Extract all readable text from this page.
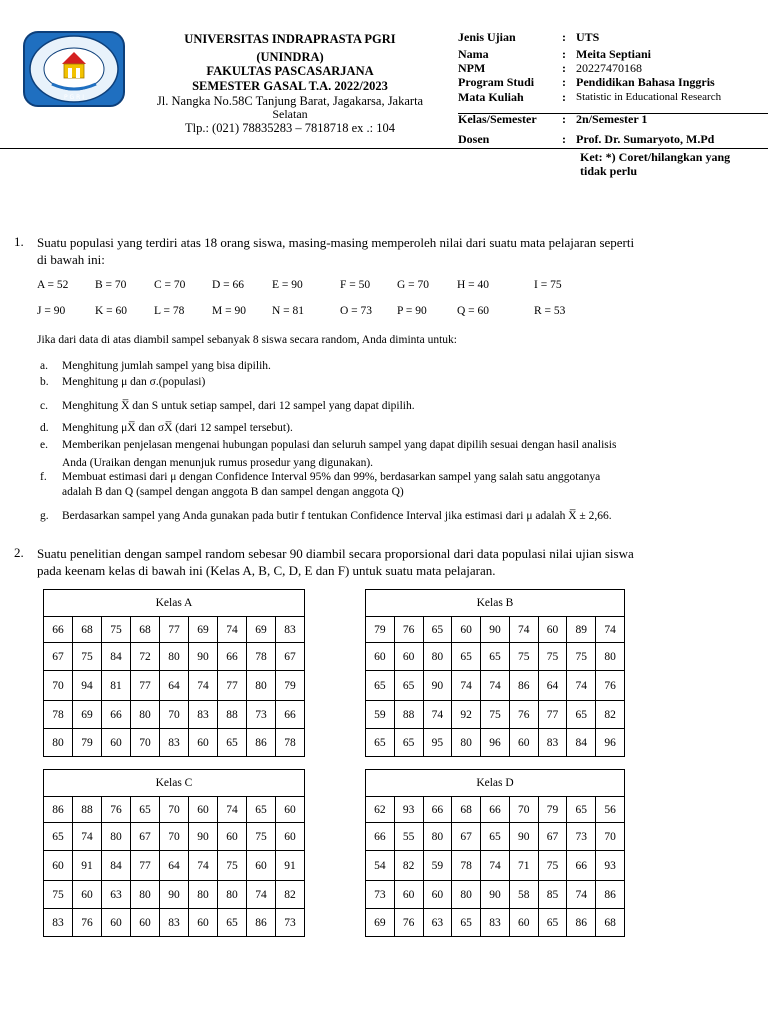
P G R I
UNIVERSITAS INDRAPRASTA PGRI
(UNINDRA)
FAKULTAS PASCASARJANA
SEMESTER GASAL T.A. 2022/2023
Jl. Nangka No.58C Tanjung Barat, Jagakarsa, Jakarta
Selatan
Tlp.: (021) 78835283 – 7818718 ex .: 104
Jenis Ujian	: UTS
Nama	: Meita Septiani
NPM	: 20227470168
Program Studi	: Pendidikan Bahasa Inggris
Mata Kuliah	: Statistic in Educational Research
Kelas/Semester	: 2n/Semester 1
Dosen	: Prof. Dr. Sumaryoto, M.Pd
Ket: *) Coret/hilangkan yang
tidak perlu
1. Suatu populasi yang terdiri atas 18 orang siswa, masing-masing memperoleh nilai dari suatu mata pelajaran seperti
di bawah ini:
A = 52 B = 70 C = 70 D = 66 E = 90	F = 50 G = 70 H = 40	I = 75
J = 90	K = 60 L = 78 M = 90 N = 81	O = 73 P = 90	Q = 60	R = 53
Jika dari data di atas diambil sampel sebanyak 8 siswa secara random, Anda diminta untuk:
a. Menghitung jumlah sampel yang bisa dipilih.
b. Menghitung μ dan σ.(populasi)
c. Menghitung X̅ dan S untuk setiap sampel, dari 12 sampel yang dapat dipilih.
d. Menghitung μX̅ dan σX̅ (dari 12 sampel tersebut).
e. Memberikan penjelasan mengenai hubungan populasi dan seluruh sampel yang dapat dipilih sesuai dengan hasil analisis
Anda (Uraikan dengan menunjuk rumus prosedur yang digunakan).
f. Membuat estimasi dari μ dengan Confidence Interval 95% dan 99%, berdasarkan sampel yang salah satu anggotanya
adalah B dan Q (sampel dengan anggota B dan sampel dengan anggota Q)
g. Berdasarkan sampel yang Anda gunakan pada butir f tentukan Confidence Interval jika estimasi dari μ adalah X̅ ± 2,66.
2. Suatu penelitian dengan sampel random sebesar 90 diambil secara proporsional dari data populasi nilai ujian siswa
pada keenam kelas di bawah ini (Kelas A, B, C, D, E dan F) untuk suatu mata pelajaran.
Kelas A								
66	68	75	68	77	69	74	69	83
67	75	84	72	80	90	66	78	67
70	94	81	77	64	74	77	80	79
78	69	66	80	70	83	88	73	66
80	79	60	70	83	60	65	86	78
Kelas B								
79	76	65	60	90	74	60	89	74
60	60	80	65	65	75	75	75	80
65	65	90	74	74	86	64	74	76
59	88	74	92	75	76	77	65	82
65	65	95	80	96	60	83	84	96
Kelas C								
86	88	76	65	70	60	74	65	60
65	74	80	67	70	90	60	75	60
60	91	84	77	64	74	75	60	91
75	60	63	80	90	80	80	74	82
83	76	60	60	83	60	65	86	73
Kelas D								
62	93	66	68	66	70	79	65	56
66	55	80	67	65	90	67	73	70
54	82	59	78	74	71	75	66	93
73	60	60	80	90	58	85	74	86
69	76	63	65	83	60	65	86	68
